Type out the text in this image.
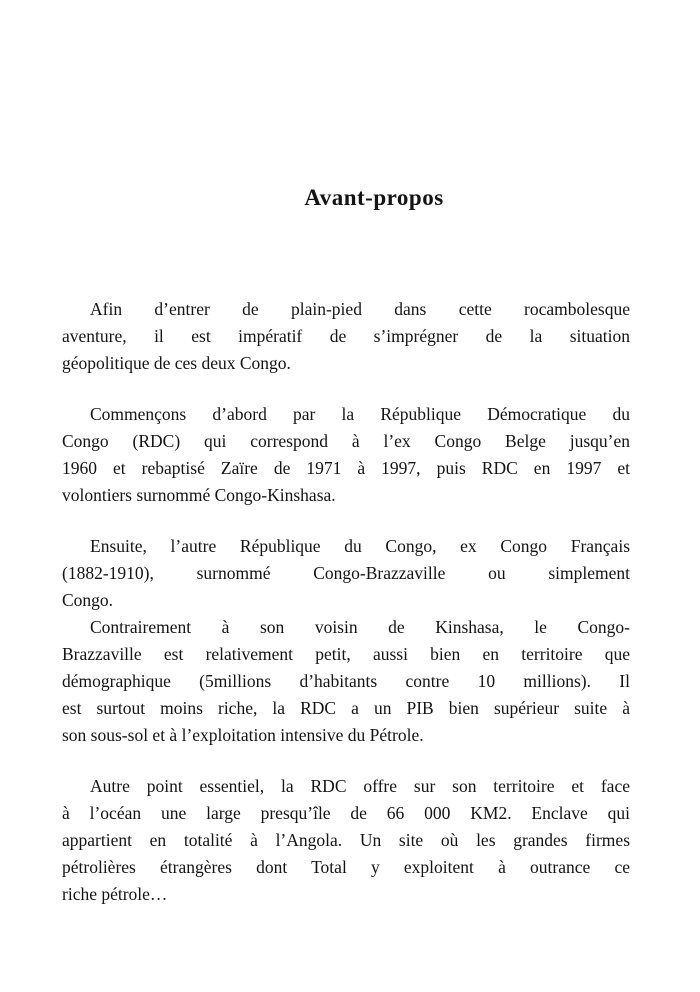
Avant-propos
Afin d’entrer de plain-pied dans cette rocambolesque
aventure, il est impératif de s’imprégner de la situation
géopolitique de ces deux Congo.
Commençons d’abord par la République Démocratique du
Congo (RDC) qui correspond à l’ex Congo Belge jusqu’en
1960 et rebaptisé Zaïre de 1971 à 1997, puis RDC en 1997 et
volontiers surnommé Congo-Kinshasa.
Ensuite, l’autre République du Congo, ex Congo Français
(1882-1910), surnommé Congo-Brazzaville ou simplement
Congo.
Contrairement à son voisin de Kinshasa, le Congo-
Brazzaville est relativement petit, aussi bien en territoire que
démographique (5millions d’habitants contre 10 millions). Il
est surtout moins riche, la RDC a un PIB bien supérieur suite à
son sous-sol et à l’exploitation intensive du Pétrole.
Autre point essentiel, la RDC offre sur son territoire et face
à l’océan une large presqu’île de 66 000 KM2. Enclave qui
appartient en totalité à l’Angola. Un site où les grandes firmes
pétrolières étrangères dont Total y exploitent à outrance ce
riche pétrole…
